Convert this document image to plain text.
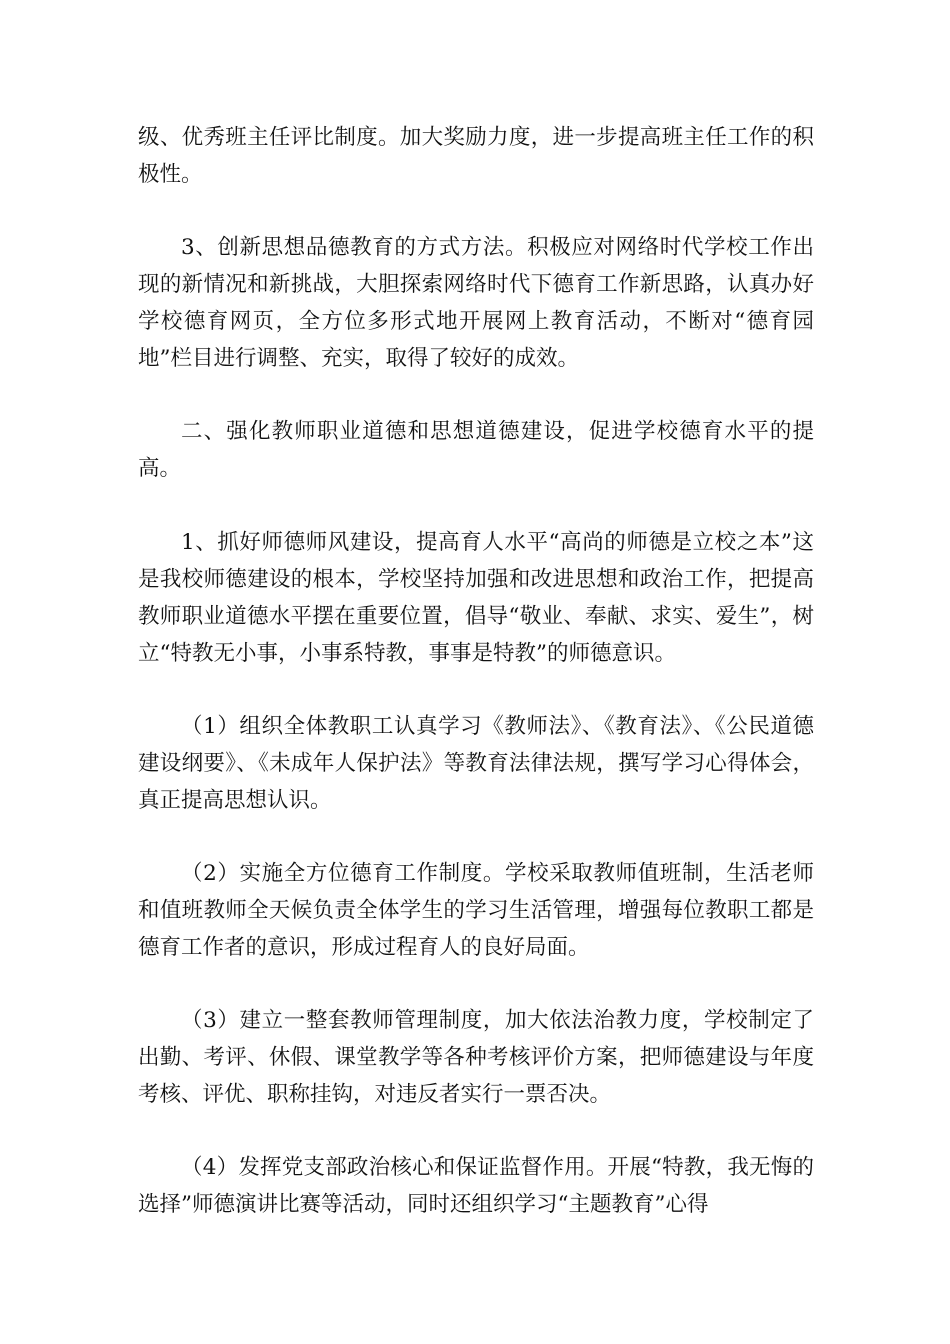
级、优秀班主任评比制度。加大奖励力度，进一步提高班主任工作的积极性。

3、创新思想品德教育的方式方法。积极应对网络时代学校工作出现的新情况和新挑战，大胆探索网络时代下德育工作新思路，认真办好学校德育网页，全方位多形式地开展网上教育活动，不断对“德育园地”栏目进行调整、充实，取得了较好的成效。

二、强化教师职业道德和思想道德建设，促进学校德育水平的提高。

1、抓好师德师风建设，提高育人水平“高尚的师德是立校之本”这是我校师德建设的根本，学校坚持加强和改进思想和政治工作，把提高教师职业道德水平摆在重要位置，倡导“敬业、奉献、求实、爱生”，树立“特教无小事，小事系特教，事事是特教”的师德意识。

（1）组织全体教职工认真学习《教师法》、《教育法》、《公民道德建设纲要》、《未成年人保护法》等教育法律法规，撰写学习心得体会，真正提高思想认识。

（2）实施全方位德育工作制度。学校采取教师值班制，生活老师和值班教师全天候负责全体学生的学习生活管理，增强每位教职工都是德育工作者的意识，形成过程育人的良好局面。

（3）建立一整套教师管理制度，加大依法治教力度，学校制定了出勤、考评、休假、课堂教学等各种考核评价方案，把师德建设与年度考核、评优、职称挂钩，对违反者实行一票否决。

（4）发挥党支部政治核心和保证监督作用。开展“特教，我无悔的选择”师德演讲比赛等活动，同时还组织学习“主题教育”心得
